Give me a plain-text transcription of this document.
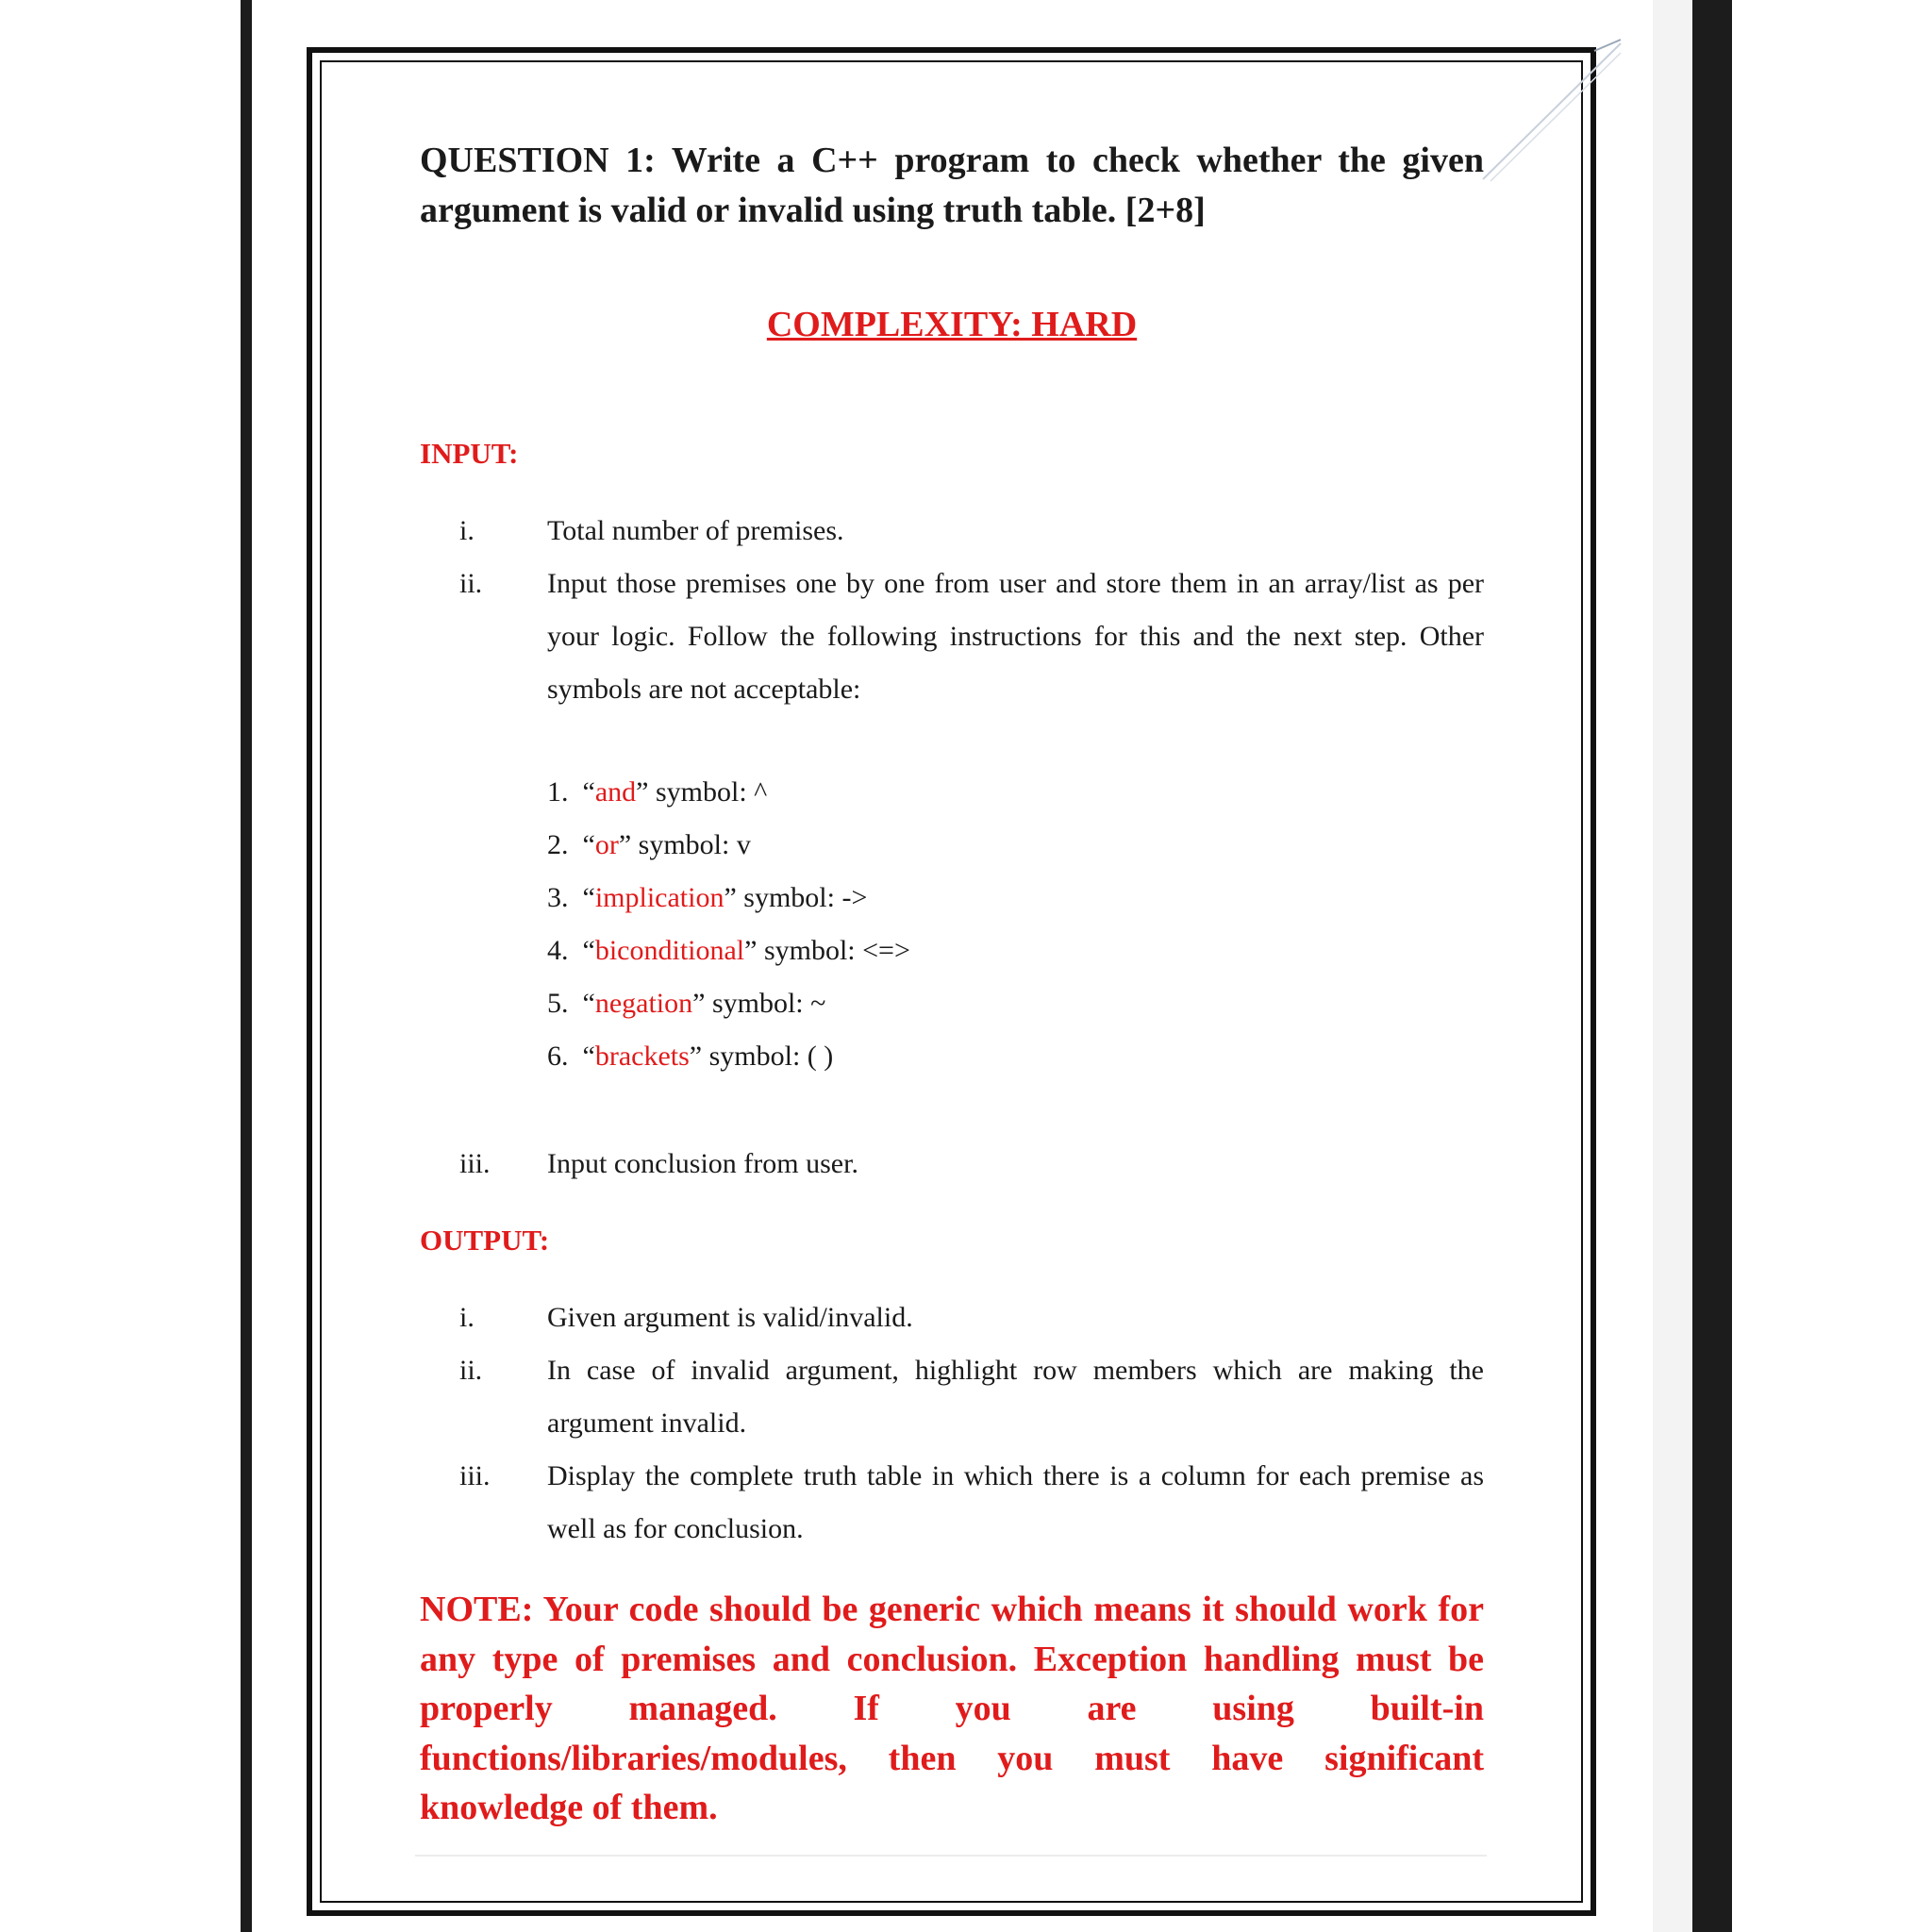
QUESTION 1: Write a C++ program to check whether the given argument is valid or invalid using truth table. [2+8]
COMPLEXITY: HARD
INPUT:
i.	Total number of premises.
ii. Input those premises one by one from user and store them in an array/list as per your logic. Follow the following instructions for this and the next step. Other symbols are not acceptable:
1. “and” symbol: ^
2. “or” symbol: v
3. “implication” symbol: ->
4. “biconditional” symbol: <=>
5. “negation” symbol: ~
6. “brackets” symbol: ( )
iii. Input conclusion from user.
OUTPUT:
i.	Given argument is valid/invalid.
ii. In case of invalid argument, highlight row members which are making the argument invalid.
iii. Display the complete truth table in which there is a column for each premise as well as for conclusion.
NOTE: Your code should be generic which means it should work for any type of premises and conclusion. Exception handling must be properly managed. If you are using built-in functions/libraries/modules, then you must have significant knowledge of them.
